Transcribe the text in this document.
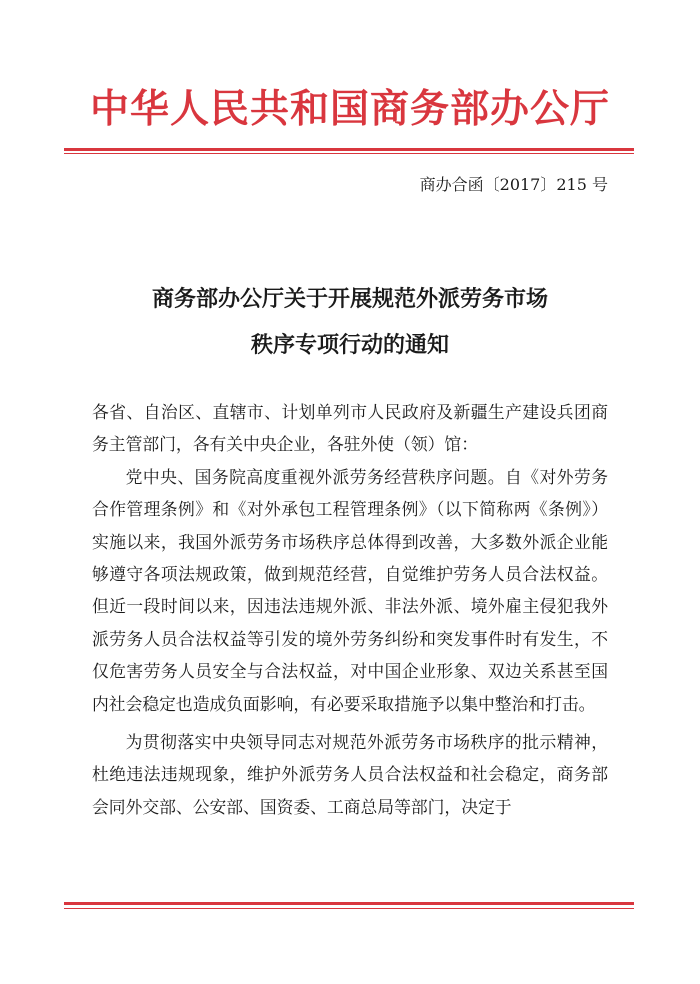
中华人民共和国商务部办公厅
商办合函〔2017〕215 号
商务部办公厅关于开展规范外派劳务市场
秩序专项行动的通知

各省、自治区、直辖市、计划单列市人民政府及新疆生产建设兵团商务主管部门，各有关中央企业，各驻外使（领）馆：

党中央、国务院高度重视外派劳务经营秩序问题。自《对外劳务合作管理条例》和《对外承包工程管理条例》（以下简称两《条例》）实施以来，我国外派劳务市场秩序总体得到改善，大多数外派企业能够遵守各项法规政策，做到规范经营，自觉维护劳务人员合法权益。但近一段时间以来，因违法违规外派、非法外派、境外雇主侵犯我外派劳务人员合法权益等引发的境外劳务纠纷和突发事件时有发生，不仅危害劳务人员安全与合法权益，对中国企业形象、双边关系甚至国内社会稳定也造成负面影响，有必要采取措施予以集中整治和打击。

为贯彻落实中央领导同志对规范外派劳务市场秩序的批示精神，杜绝违法违规现象，维护外派劳务人员合法权益和社会稳定，商务部会同外交部、公安部、国资委、工商总局等部门，决定于
